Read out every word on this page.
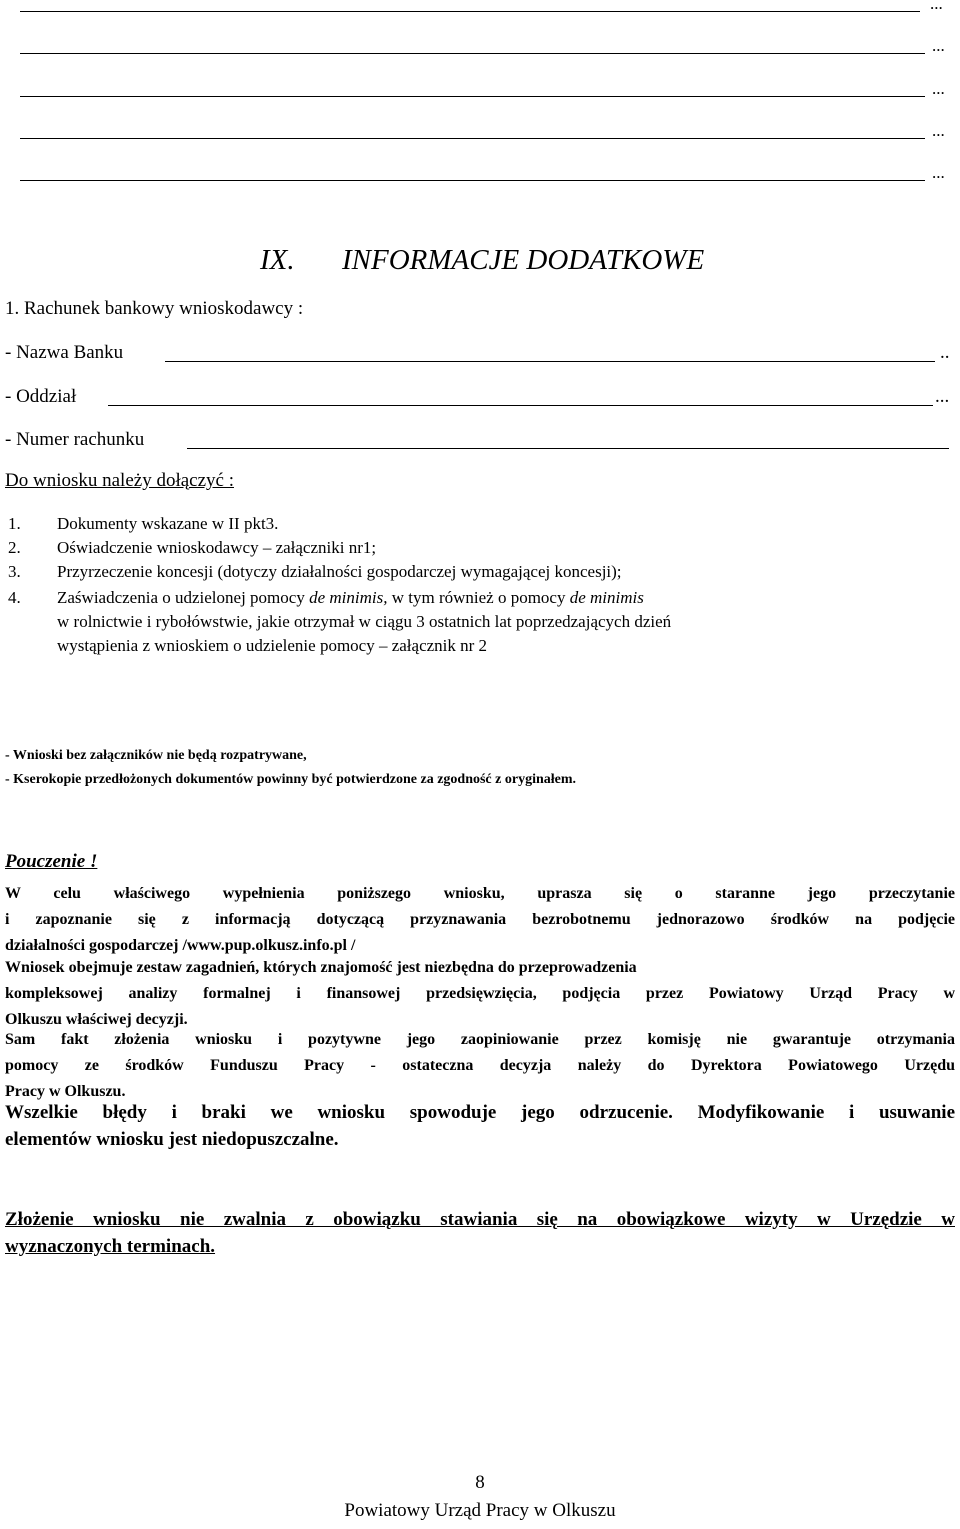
...
...
...
...
...
IX. INFORMACJE DODATKOWE
1. Rachunek bankowy wnioskodawcy :
- Nazwa Banku	..
- Oddział	...
- Numer rachunku
Do wniosku należy dołączyć :
1. Dokumenty wskazane w II pkt3.
2. Oświadczenie wnioskodawcy – załączniki nr1;
3. Przyrzeczenie koncesji (dotyczy działalności gospodarczej wymagającej koncesji);
4. Zaświadczenia o udzielonej pomocy de minimis, w tym również o pomocy de minimis
w rolnictwie i rybołówstwie, jakie otrzymał w ciągu 3 ostatnich lat poprzedzających dzień
wystąpienia z wnioskiem o udzielenie pomocy – załącznik nr 2
- Wnioski bez załączników nie będą rozpatrywane,
- Kserokopie przedłożonych dokumentów powinny być potwierdzone za zgodność z oryginałem.
Pouczenie !
W celu właściwego wypełnienia poniższego wniosku, uprasza się o staranne jego przeczytanie
i zapoznanie się z informacją dotyczącą przyznawania bezrobotnemu jednorazowo środków na podjęcie
działalności gospodarczej /www.pup.olkusz.info.pl /
Wniosek obejmuje zestaw zagadnień, których znajomość jest niezbędna do przeprowadzenia
kompleksowej analizy formalnej i finansowej przedsięwzięcia, podjęcia przez Powiatowy Urząd Pracy w
Olkuszu właściwej decyzji.
Sam fakt złożenia wniosku i pozytywne jego zaopiniowanie przez komisję nie gwarantuje otrzymania
pomocy ze środków Funduszu Pracy - ostateczna decyzja należy do Dyrektora Powiatowego Urzędu
Pracy w Olkuszu.
Wszelkie błędy i braki we wniosku spowoduje jego odrzucenie. Modyfikowanie i usuwanie
elementów wniosku jest niedopuszczalne.
Złożenie wniosku nie zwalnia z obowiązku stawiania się na obowiązkowe wizyty w Urzędzie w
wyznaczonych terminach.
8
Powiatowy Urząd Pracy w Olkuszu
